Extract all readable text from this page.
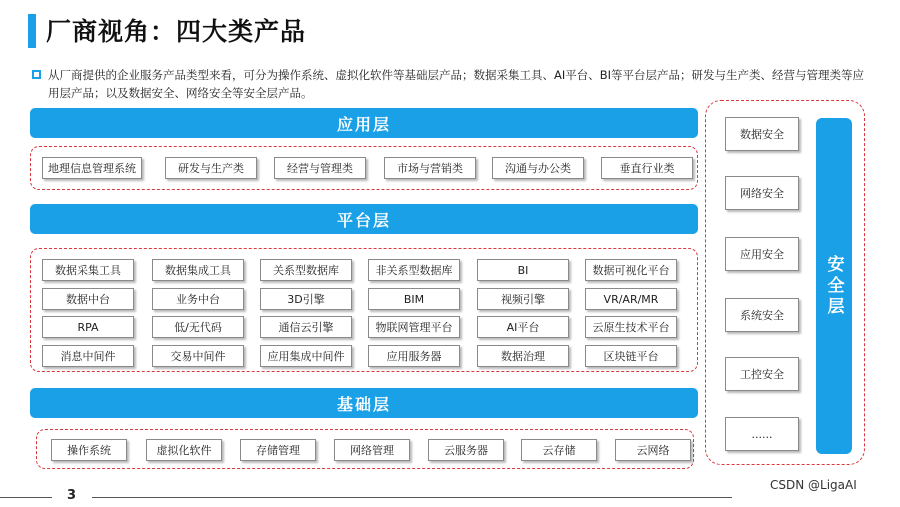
厂商视角：四大类产品
从厂商提供的企业服务产品类型来看，可分为操作系统、虚拟化软件等基础层产品；数据采集工具、AI平台、BI等平台层产品；研发与生产类、经营与管理类等应用层产品；以及数据安全、网络安全等安全层产品。
应用层
地理信息管理系统	研发与生产类	经营与管理类	市场与营销类	沟通与办公类	垂直行业类
平台层
数据采集工具	数据集成工具	关系型数据库	非关系型数据库	BI	数据可视化平台
数据中台	业务中台	3D引擎	BIM	视频引擎	VR/AR/MR
RPA	低/无代码	通信云引擎	物联网管理平台	AI平台	云原生技术平台
消息中间件	交易中间件	应用集成中间件	应用服务器	数据治理	区块链平台
基础层
操作系统	虚拟化软件	存储管理	网络管理	云服务器	云存储	云网络
数据安全
网络安全
应用安全
系统安全
工控安全
......
安全层
3
CSDN @LigaAI
